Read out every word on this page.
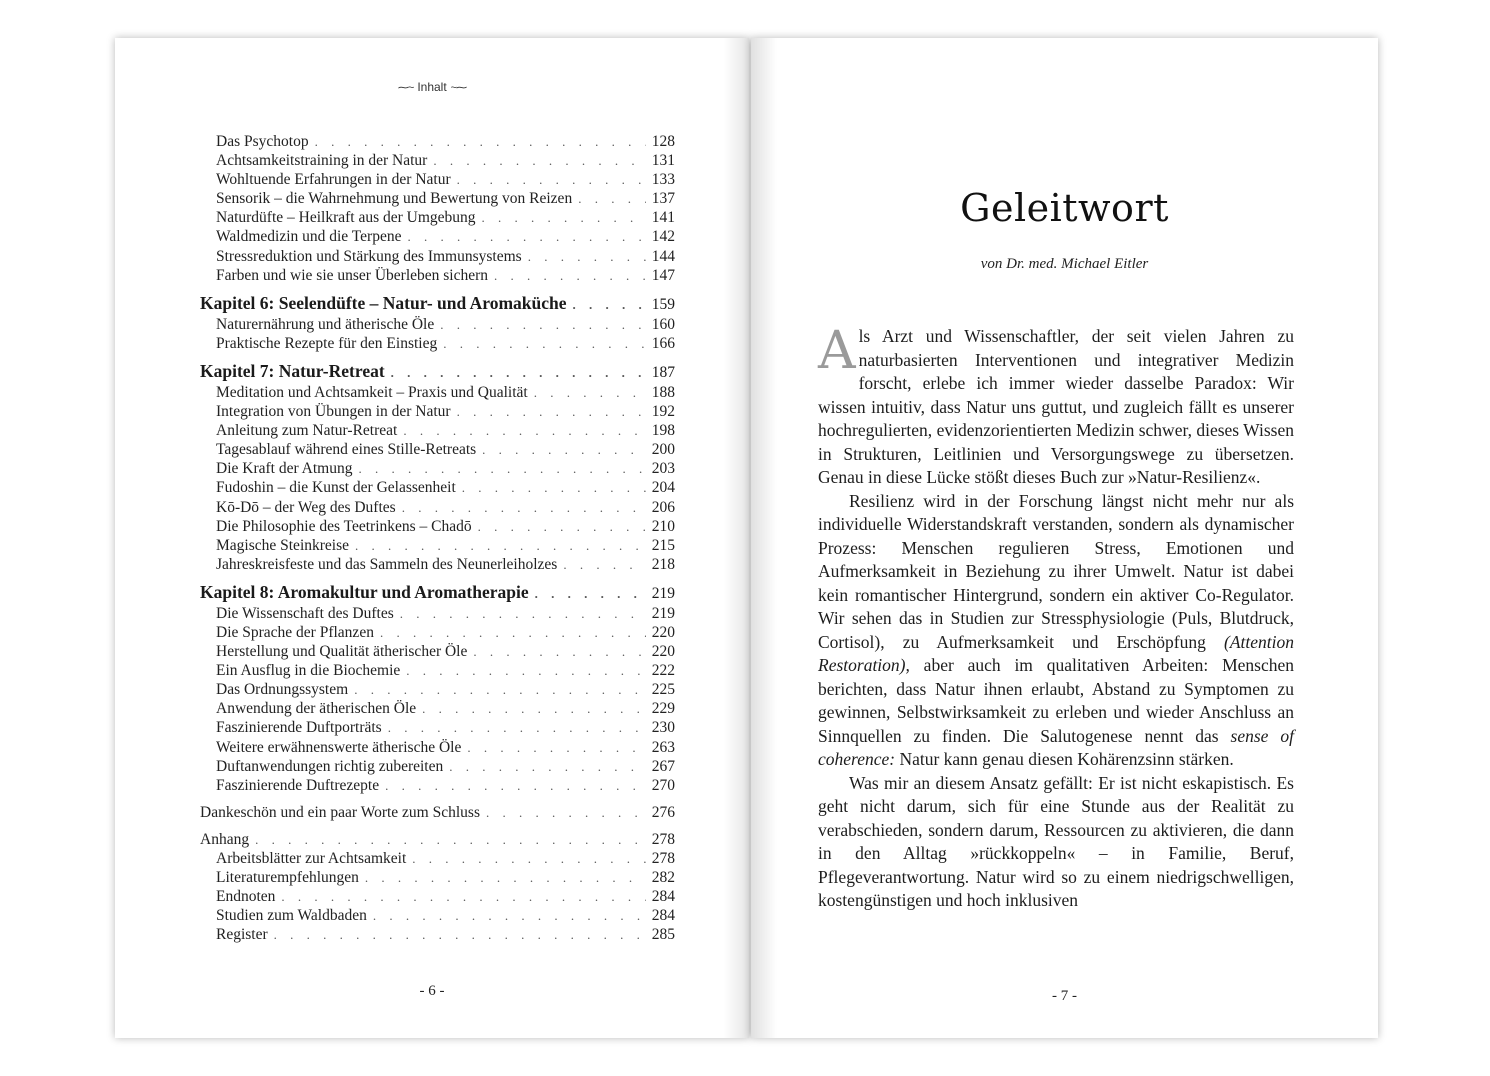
⁓~ Inhalt ~⁓
Das Psychotop . . .	128
Achtsamkeitstraining in der Natur . . .	131
Wohltuende Erfahrungen in der Natur . . .	133
Sensorik – die Wahrnehmung und Bewertung von Reizen . . .	137
Naturdüfte – Heilkraft aus der Umgebung . . .	141
Waldmedizin und die Terpene . . .	142
Stressreduktion und Stärkung des Immunsystems . . .	144
Farben und wie sie unser Überleben sichern . . .	147
Kapitel 6: Seelendüfte – Natur- und Aromaküche . . .	159
Naturernährung und ätherische Öle . . .	160
Praktische Rezepte für den Einstieg . . .	166
Kapitel 7: Natur-Retreat . . .	187
Meditation und Achtsamkeit – Praxis und Qualität . . .	188
Integration von Übungen in der Natur . . .	192
Anleitung zum Natur-Retreat . . .	198
Tagesablauf während eines Stille-Retreats . . .	200
Die Kraft der Atmung . . .	203
Fudoshin – die Kunst der Gelassenheit . . .	204
Kō-Dō – der Weg des Duftes . . .	206
Die Philosophie des Teetrinkens – Chadō . . .	210
Magische Steinkreise . . .	215
Jahreskreisfeste und das Sammeln des Neunerleiholzes . . .	218
Kapitel 8: Aromakultur und Aromatherapie . . .	219
Die Wissenschaft des Duftes . . .	219
Die Sprache der Pflanzen . . .	220
Herstellung und Qualität ätherischer Öle . . .	220
Ein Ausflug in die Biochemie . . .	222
Das Ordnungssystem . . .	225
Anwendung der ätherischen Öle . . .	229
Faszinierende Duftporträts . . .	230
Weitere erwähnenswerte ätherische Öle . . .	263
Duftanwendungen richtig zubereiten . . .	267
Faszinierende Duftrezepte . . .	270
Dankeschön und ein paar Worte zum Schluss . . .	276
Anhang . . .	278
Arbeitsblätter zur Achtsamkeit . . .	278
Literaturempfehlungen . . .	282
Endnoten . . .	284
Studien zum Waldbaden . . .	284
Register . . .	285
- 6 -
Geleitwort
von Dr. med. Michael Eitler

Als Arzt und Wissenschaftler, der seit vielen Jahren zu naturbasierten Interventionen und integrativer Medizin forscht, erlebe ich immer wieder dasselbe Paradox: Wir wissen intuitiv, dass Natur uns guttut, und zugleich fällt es unserer hochregulierten, evidenzorientierten Medizin schwer, dieses Wissen in Strukturen, Leitlinien und Versorgungswege zu übersetzen. Genau in diese Lücke stößt dieses Buch zur »Natur-Resilienz«.

Resilienz wird in der Forschung längst nicht mehr nur als individuelle Widerstandskraft verstanden, sondern als dynamischer Prozess: Menschen regulieren Stress, Emotionen und Aufmerksamkeit in Beziehung zu ihrer Umwelt. Natur ist dabei kein romantischer Hintergrund, sondern ein aktiver Co-Regulator. Wir sehen das in Studien zur Stressphysiologie (Puls, Blutdruck, Cortisol), zu Aufmerksamkeit und Erschöpfung (Attention Restoration), aber auch im qualitativen Arbeiten: Menschen berichten, dass Natur ihnen erlaubt, Abstand zu Symptomen zu gewinnen, Selbstwirksamkeit zu erleben und wieder Anschluss an Sinnquellen zu finden. Die Salutogenese nennt das sense of coherence: Natur kann genau diesen Kohärenzsinn stärken.

Was mir an diesem Ansatz gefällt: Er ist nicht eskapistisch. Es geht nicht darum, sich für eine Stunde aus der Realität zu verabschieden, sondern darum, Ressourcen zu aktivieren, die dann in den Alltag »rückkoppeln« – in Familie, Beruf, Pflegeverantwortung. Natur wird so zu einem niedrigschwelligen, kostengünstigen und hoch inklusiven

- 7 -
